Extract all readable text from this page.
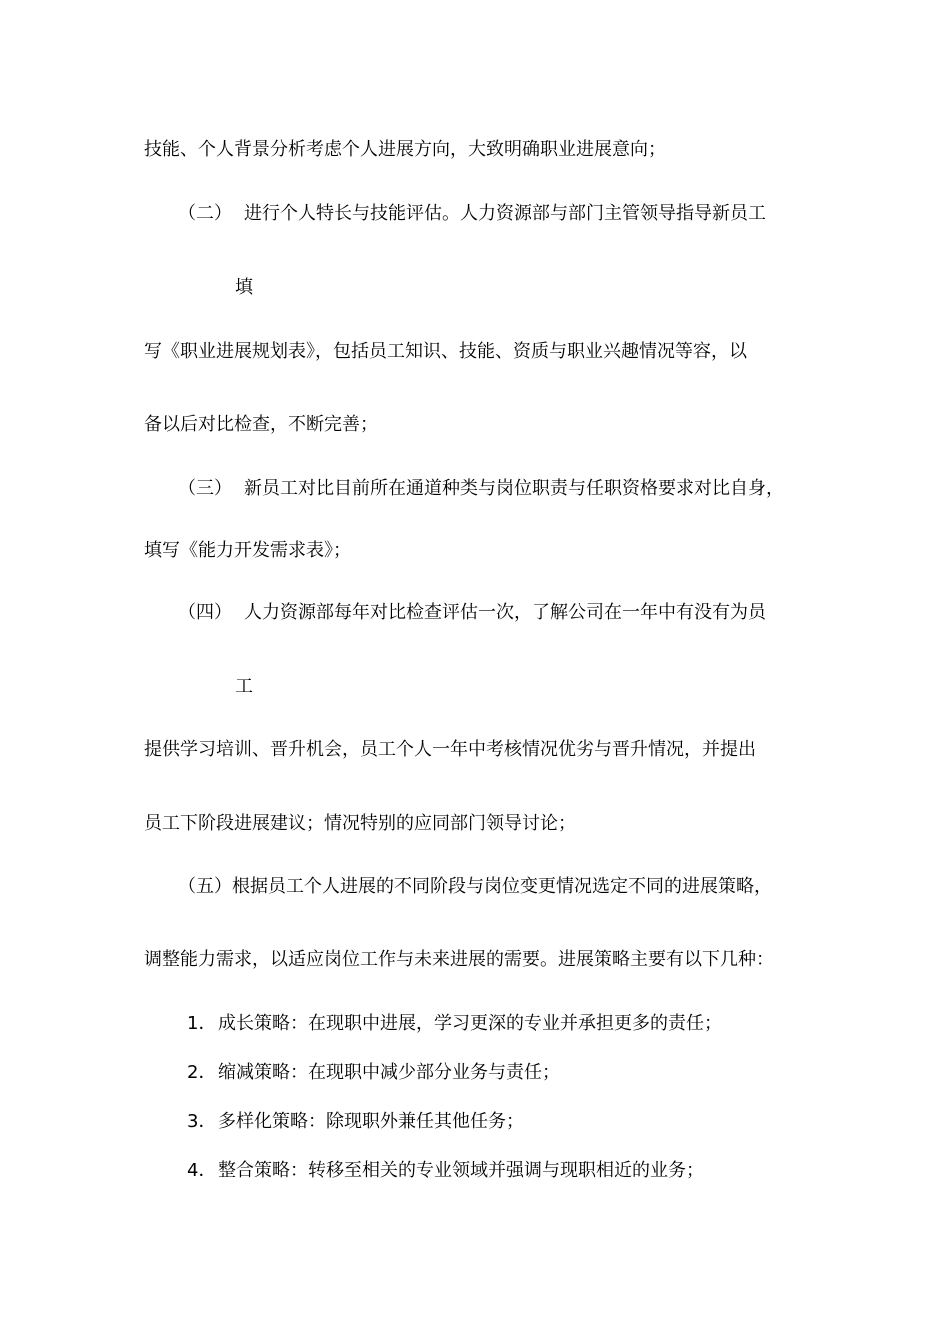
技能、个人背景分析考虑个人进展方向，大致明确职业进展意向；
（二） 进行个人特长与技能评估。人力资源部与部门主管领导指导新员工
填
写《职业进展规划表》，包括员工知识、技能、资质与职业兴趣情况等容，以
备以后对比检查，不断完善；
（三） 新员工对比目前所在通道种类与岗位职责与任职资格要求对比自身，
填写《能力开发需求表》；
（四） 人力资源部每年对比检查评估一次，了解公司在一年中有没有为员
工
提供学习培训、晋升机会，员工个人一年中考核情况优劣与晋升情况，并提出
员工下阶段进展建议；情况特别的应同部门领导讨论；
（五）根据员工个人进展的不同阶段与岗位变更情况选定不同的进展策略，
调整能力需求，以适应岗位工作与未来进展的需要。进展策略主要有以下几种：
1． 成长策略：在现职中进展，学习更深的专业并承担更多的责任；
2． 缩减策略：在现职中减少部分业务与责任；
3． 多样化策略：除现职外兼任其他任务；
4． 整合策略：转移至相关的专业领域并强调与现职相近的业务；
